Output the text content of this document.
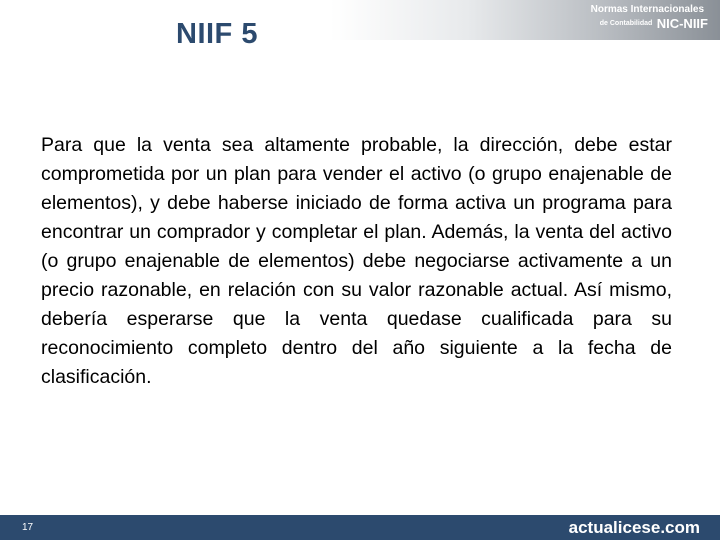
Normas Internacionales
de Contabilidad NIC-NIIF
NIIF 5

Para que la venta sea altamente probable, la dirección, debe estar comprometida por un plan para vender el activo (o grupo enajenable de elementos), y debe haberse iniciado de forma activa un programa para encontrar un comprador y completar el plan. Además, la venta del activo (o grupo enajenable de elementos) debe negociarse activamente a un precio razonable, en relación con su valor razonable actual. Así mismo, debería esperarse que la venta quedase cualificada para su reconocimiento completo dentro del año siguiente a la fecha de clasificación.

17	actualicese.com
